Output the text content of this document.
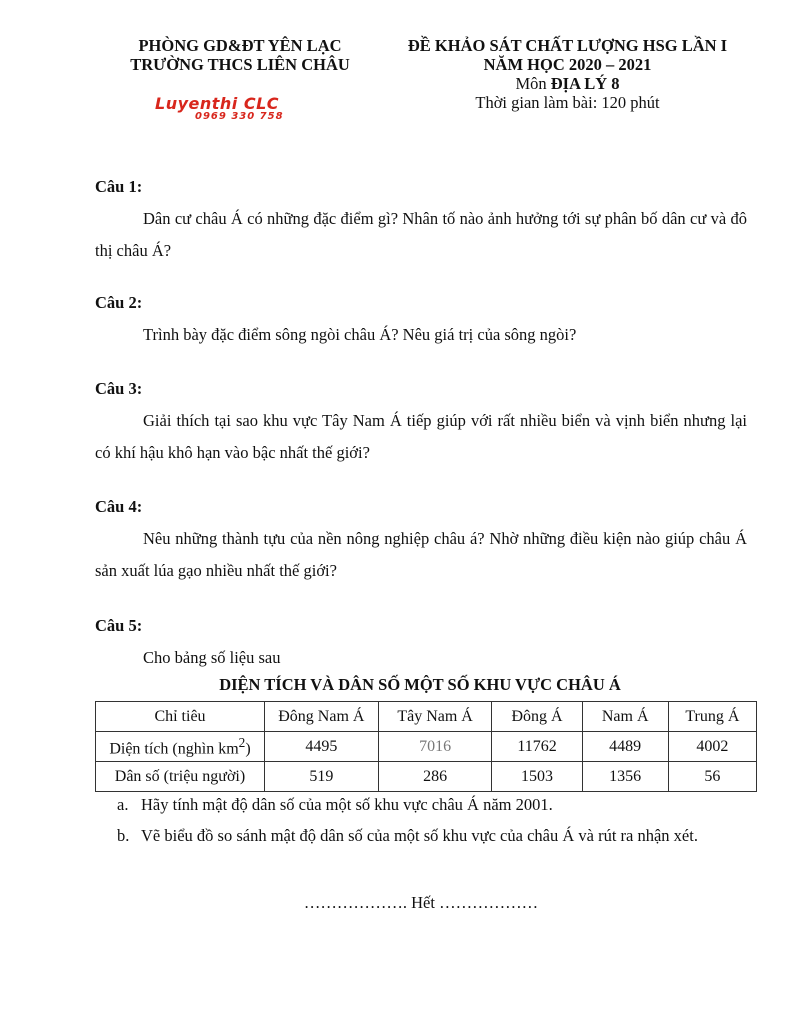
PHÒNG GD&ĐT YÊN LẠC
TRƯỜNG THCS LIÊN CHÂU
Luyenthi CLC
0969 330 758
ĐỀ KHẢO SÁT CHẤT LƯỢNG HSG LẦN I
NĂM HỌC 2020 – 2021
Môn ĐỊA LÝ 8
Thời gian làm bài: 120 phút
Câu 1:
Dân cư châu Á có những đặc điểm gì? Nhân tố nào ảnh hưởng tới sự phân bố dân cư và đô thị châu Á?
Câu 2:
Trình bày đặc điểm sông ngòi châu Á? Nêu giá trị của sông ngòi?
Câu 3:
Giải thích tại sao khu vực Tây Nam Á tiếp giúp với rất nhiều biển và vịnh biển nhưng lại có khí hậu khô hạn vào bậc nhất thế giới?
Câu 4:
Nêu những thành tựu của nền nông nghiệp châu á? Nhờ những điều kiện nào giúp châu Á sản xuất lúa gạo nhiều nhất thế giới?
Câu 5:
Cho bảng số liệu sau
DIỆN TÍCH VÀ DÂN SỐ MỘT SỐ KHU VỰC CHÂU Á
Chỉ tiêu	Đông Nam Á	Tây Nam Á	Đông Á	Nam Á	Trung Á
Diện tích (nghìn $km^2$)	4495	7016	11762	4489	4002
Dân số (triệu người)	519	286	1503	1356	56
a. Hãy tính mật độ dân số của một số khu vực châu Á năm 2001.
b. Vẽ biểu đồ so sánh mật độ dân số của một số khu vực của châu Á và rút ra nhận xét.
………………. Hết ………………
